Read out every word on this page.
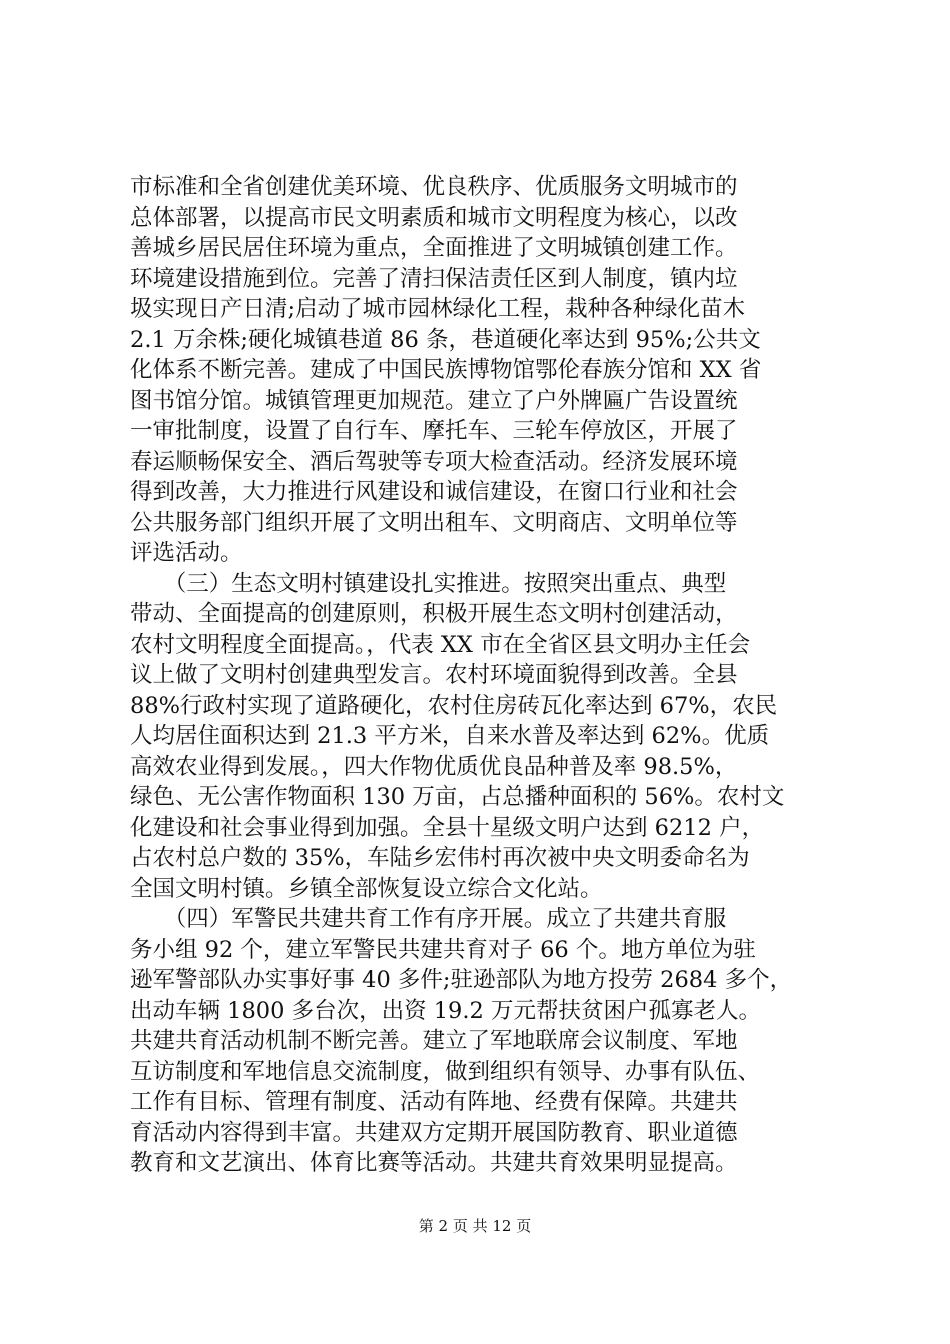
市标准和全省创建优美环境、优良秩序、优质服务文明城市的
总体部署，以提高市民文明素质和城市文明程度为核心，以改
善城乡居民居住环境为重点，全面推进了文明城镇创建工作。
环境建设措施到位。完善了清扫保洁责任区到人制度，镇内垃
圾实现日产日清;启动了城市园林绿化工程，栽种各种绿化苗木
2.1 万余株;硬化城镇巷道 86 条，巷道硬化率达到 95%;公共文
化体系不断完善。建成了中国民族博物馆鄂伦春族分馆和 XX 省
图书馆分馆。城镇管理更加规范。建立了户外牌匾广告设置统
一审批制度，设置了自行车、摩托车、三轮车停放区，开展了
春运顺畅保安全、酒后驾驶等专项大检查活动。经济发展环境
得到改善，大力推进行风建设和诚信建设，在窗口行业和社会
公共服务部门组织开展了文明出租车、文明商店、文明单位等
评选活动。
　　（三）生态文明村镇建设扎实推进。按照突出重点、典型
带动、全面提高的创建原则，积极开展生态文明村创建活动，
农村文明程度全面提高。，代表 XX 市在全省区县文明办主任会
议上做了文明村创建典型发言。农村环境面貌得到改善。全县
88%行政村实现了道路硬化，农村住房砖瓦化率达到 67%，农民
人均居住面积达到 21.3 平方米，自来水普及率达到 62%。优质
高效农业得到发展。，四大作物优质优良品种普及率 98.5%，
绿色、无公害作物面积 130 万亩，占总播种面积的 56%。农村文
化建设和社会事业得到加强。全县十星级文明户达到 6212 户，
占农村总户数的 35%，车陆乡宏伟村再次被中央文明委命名为
全国文明村镇。乡镇全部恢复设立综合文化站。
　　（四）军警民共建共育工作有序开展。成立了共建共育服
务小组 92 个，建立军警民共建共育对子 66 个。地方单位为驻
逊军警部队办实事好事 40 多件;驻逊部队为地方投劳 2684 多个，
出动车辆 1800 多台次，出资 19.2 万元帮扶贫困户孤寡老人。
共建共育活动机制不断完善。建立了军地联席会议制度、军地
互访制度和军地信息交流制度，做到组织有领导、办事有队伍、
工作有目标、管理有制度、活动有阵地、经费有保障。共建共
育活动内容得到丰富。共建双方定期开展国防教育、职业道德
教育和文艺演出、体育比赛等活动。共建共育效果明显提高。
第 2 页 共 12 页
